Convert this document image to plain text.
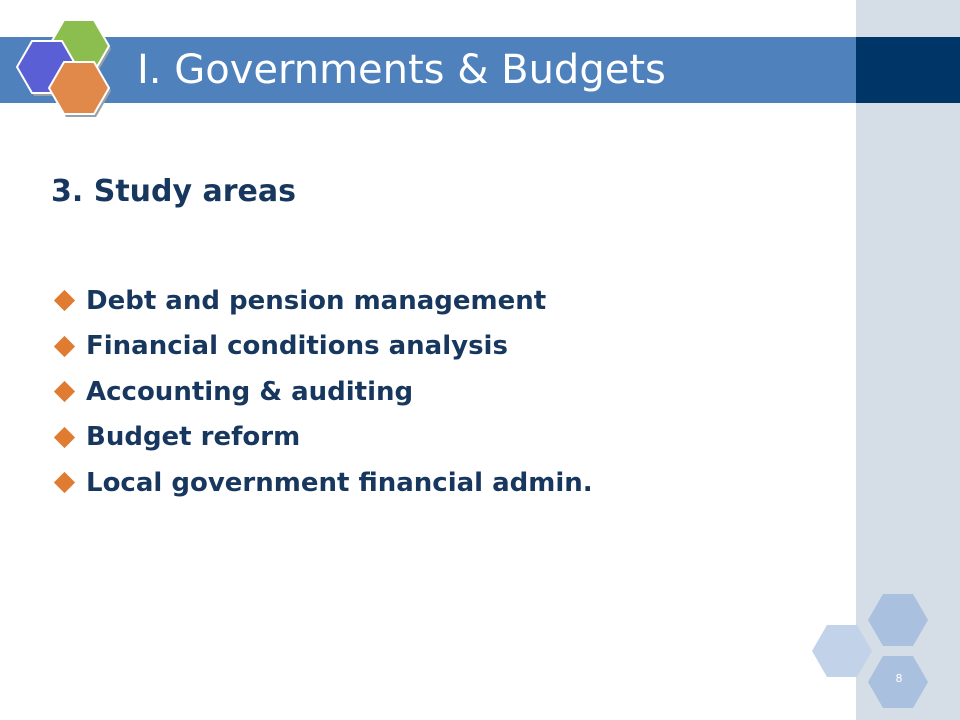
I. Governments & Budgets
3. Study areas
Debt and pension management
Financial conditions analysis
Accounting & auditing
Budget reform
Local government financial admin.
8
